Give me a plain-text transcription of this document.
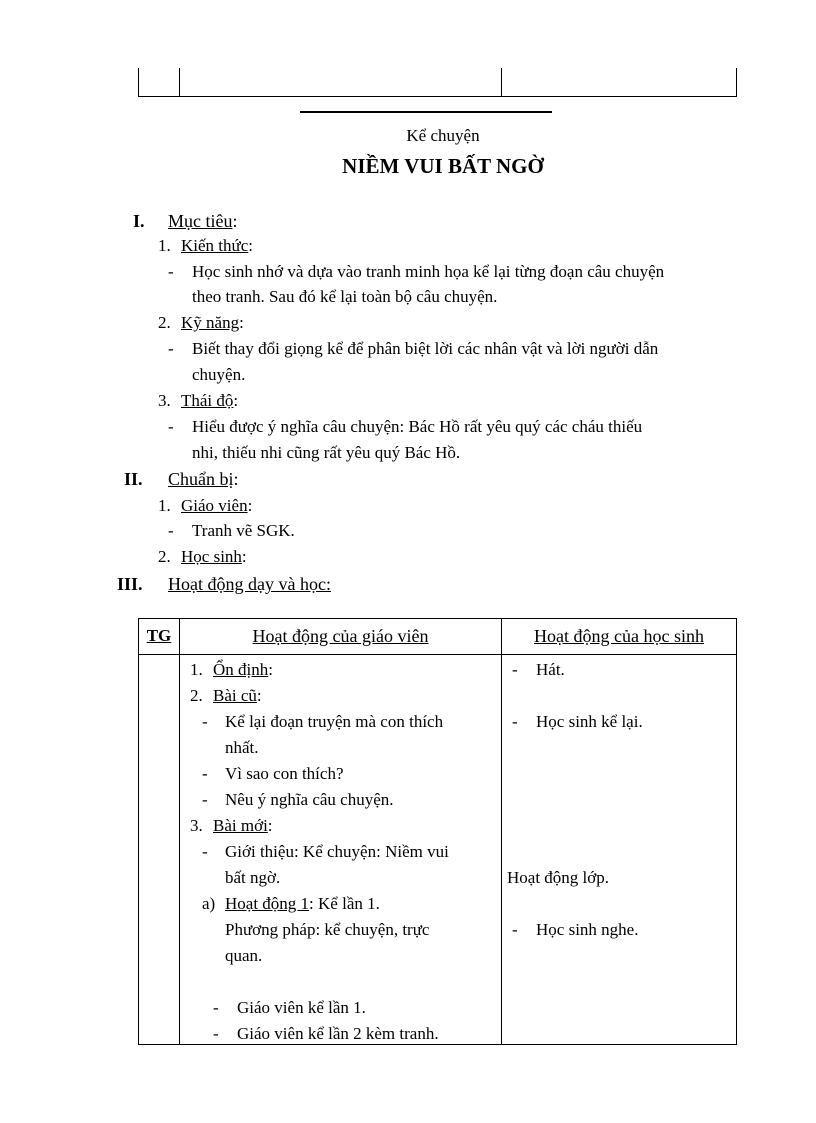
Kể chuyện
NIỀM VUI BẤT NGỜ
I. Mục tiêu:
1. Kiến thức:
- Học sinh nhớ và dựa vào tranh minh họa kể lại từng đoạn câu chuyện
theo tranh. Sau đó kể lại toàn bộ câu chuyện.
2. Kỹ năng:
- Biết thay đổi giọng kể để phân biệt lời các nhân vật và lời người dẫn
chuyện.
3. Thái độ:
- Hiểu được ý nghĩa câu chuyện: Bác Hồ rất yêu quý các cháu thiếu
nhi, thiếu nhi cũng rất yêu quý Bác Hồ.
II. Chuẩn bị:
1. Giáo viên:
- Tranh vẽ SGK.
2. Học sinh:
III. Hoạt động dạy và học:
TG	Hoạt động của giáo viên	Hoạt động của học sinh
1. Ổn định:
2. Bài cũ:
- Kể lại đoạn truyện mà con thích
nhất.
- Vì sao con thích?
- Nêu ý nghĩa câu chuyện.
3. Bài mới:
- Giới thiệu: Kể chuyện: Niềm vui
bất ngờ.
a) Hoạt động 1: Kể lần 1.
Phương pháp: kể chuyện, trực
quan.
- Giáo viên kể lần 1.
- Giáo viên kể lần 2 kèm tranh.
- Hát.
- Học sinh kể lại.
Hoạt động lớp.
- Học sinh nghe.
